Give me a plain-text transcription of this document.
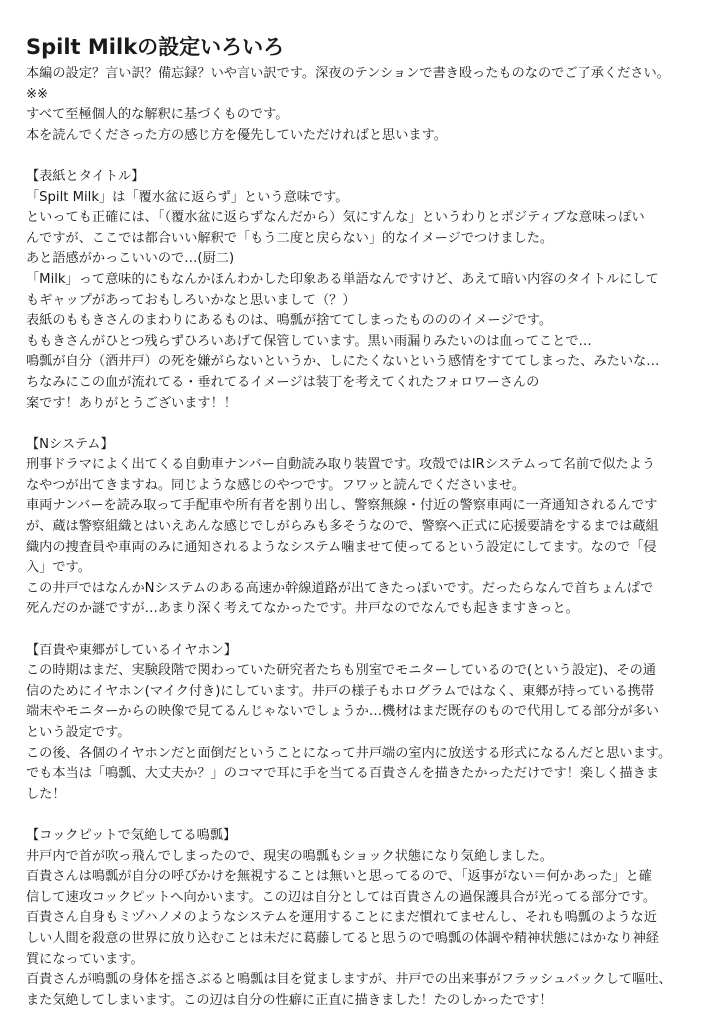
Spilt Milkの設定いろいろ

本編の設定？言い訳？備忘録？いや言い訳です。深夜のテンションで書き殴ったものなのでご了承ください。

※※

すべて至極個人的な解釈に基づくものです。

本を読んでくださった方の感じ方を優先していただければと思います。

【表紙とタイトル】

「Spilt Milk」は「覆水盆に返らず」という意味です。

といっても正確には、「（覆水盆に返らずなんだから）気にすんな」というわりとポジティブな意味っぽい

んですが、ここでは都合いい解釈で「もう二度と戻らない」的なイメージでつけました。

あと語感がかっこいいので…(厨二)

「Milk」って意味的にもなんかほんわかした印象ある単語なんですけど、あえて暗い内容のタイトルにして

もギャップがあっておもしろいかなと思いまして（？）

表紙のももきさんのまわりにあるものは、鳴瓢が捨ててしまったものののイメージです。

ももきさんがひとつ残らずひろいあげて保管しています。黒い雨漏りみたいのは血ってことで…

鳴瓢が自分（酒井戸）の死を嫌がらないというか、しにたくないという感情をすててしまった、みたいな…

ちなみにこの血が流れてる・垂れてるイメージは装丁を考えてくれたフォロワーさんの

案です！ありがとうございます！！

【Nシステム】

刑事ドラマによく出てくる自動車ナンバー自動読み取り装置です。攻殻ではIRシステムって名前で似たよう

なやつが出てきますね。同じような感じのやつです。フワッと読んでくださいませ。

車両ナンバーを読み取って手配車や所有者を割り出し、警察無線・付近の警察車両に一斉通知されるんです

が、蔵は警察組織とはいえあんな感じでしがらみも多そうなので、警察へ正式に応援要請をするまでは蔵組

織内の捜査員や車両のみに通知されるようなシステム噛ませて使ってるという設定にしてます。なので「侵

入」です。

この井戸ではなんかNシステムのある高速か幹線道路が出てきたっぽいです。だったらなんで首ちょんぱで

死んだのか謎ですが…あまり深く考えてなかったです。井戸なのでなんでも起きますきっと。

【百貴や東郷がしているイヤホン】

この時期はまだ、実験段階で関わっていた研究者たちも別室でモニターしているので(という設定)、その通

信のためにイヤホン(マイク付き)にしています。井戸の様子もホログラムではなく、東郷が持っている携帯

端末やモニターからの映像で見てるんじゃないでしょうか…機材はまだ既存のもので代用してる部分が多い

という設定です。

この後、各個のイヤホンだと面倒だということになって井戸端の室内に放送する形式になるんだと思います。

でも本当は「鳴瓢、大丈夫か？」のコマで耳に手を当てる百貴さんを描きたかっただけです！楽しく描きま

した！

【コックピットで気絶してる鳴瓢】

井戸内で首が吹っ飛んでしまったので、現実の鳴瓢もショック状態になり気絶しました。

百貴さんは鳴瓢が自分の呼びかけを無視することは無いと思ってるので、「返事がない＝何かあった」と確

信して速攻コックピットへ向かいます。この辺は自分としては百貴さんの過保護具合が光ってる部分です。

百貴さん自身もミヅハノメのようなシステムを運用することにまだ慣れてませんし、それも鳴瓢のような近

しい人間を殺意の世界に放り込むことは未だに葛藤してると思うので鳴瓢の体調や精神状態にはかなり神経

質になっています。

百貴さんが鳴瓢の身体を揺さぶると鳴瓢は目を覚ましますが、井戸での出来事がフラッシュバックして嘔吐、

また気絶してしまいます。この辺は自分の性癖に正直に描きました！たのしかったです！
